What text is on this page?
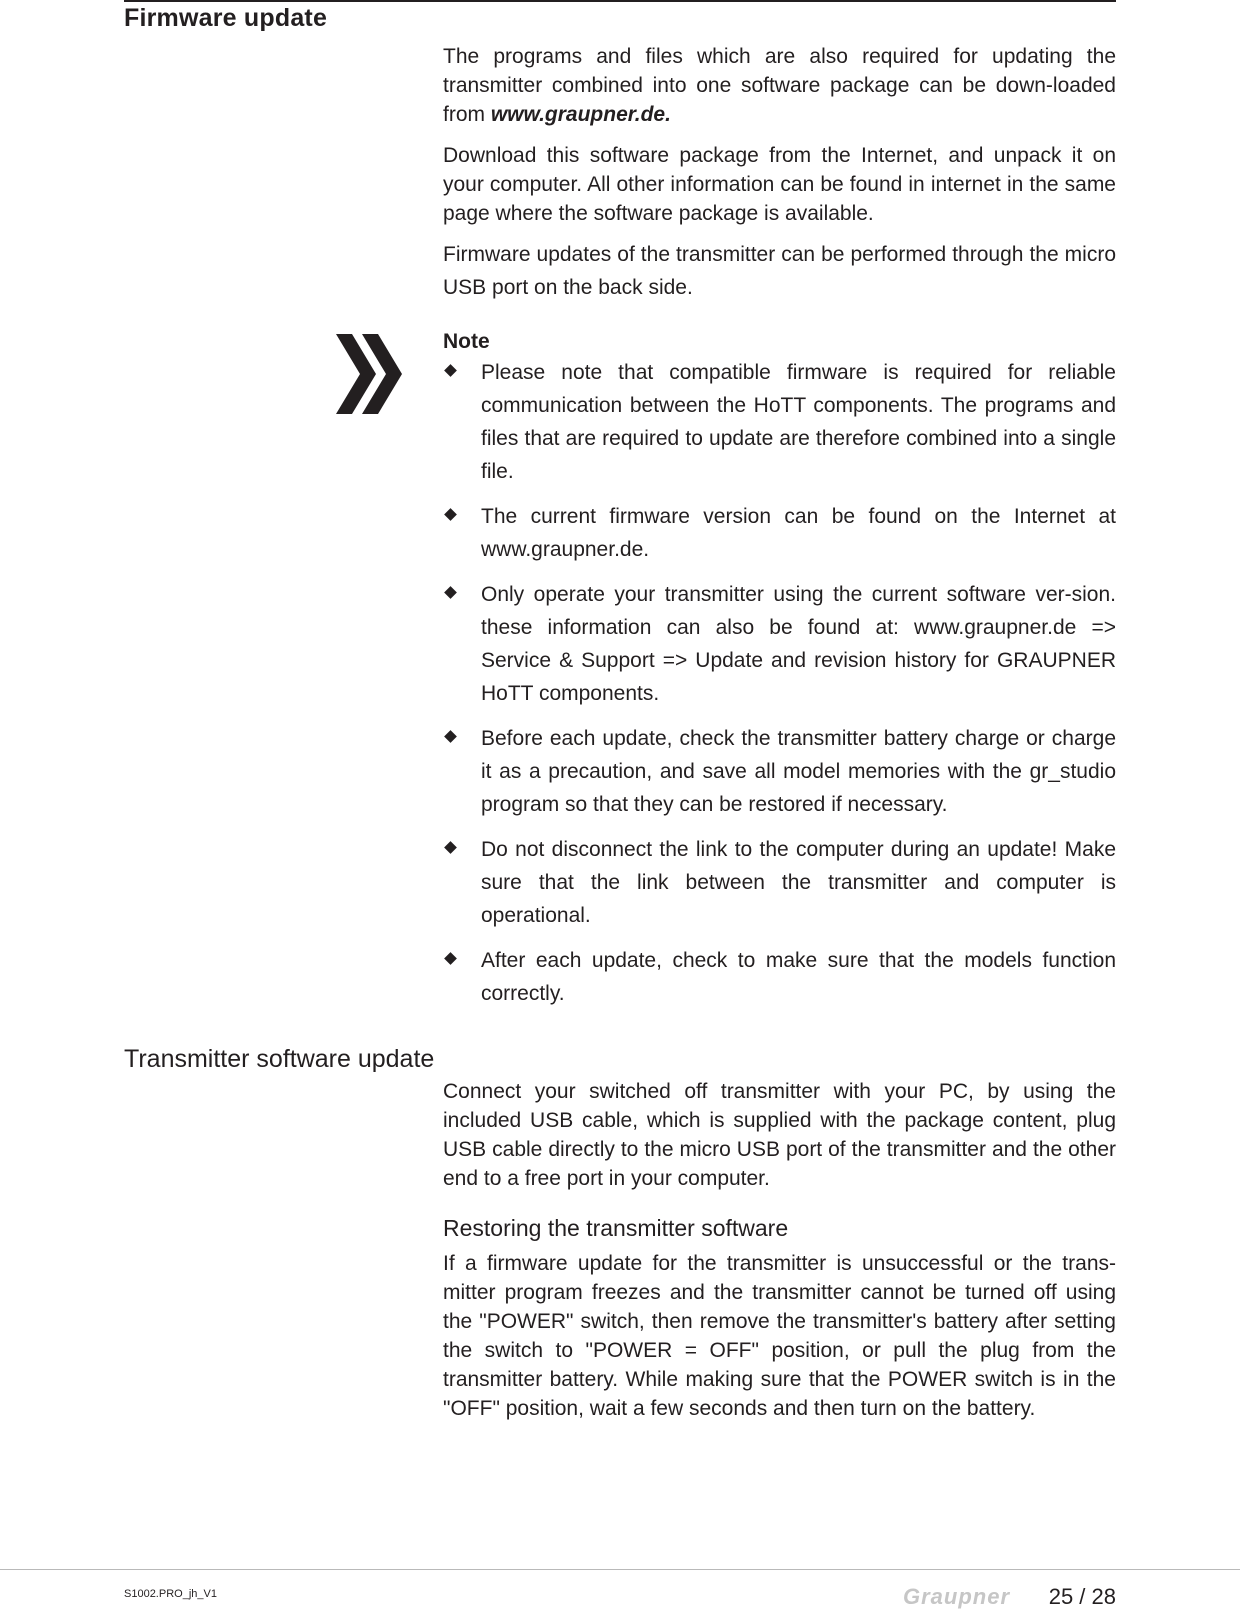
Firmware update

The programs and files which are also required for updating the transmitter combined into one software package can be down-loaded from www.graupner.de.

Download this software package from the Internet, and unpack it on your computer. All other information can be found in internet in the same page where the software package is available.

Firmware updates of the transmitter can be performed through the micro USB port on the back side.

Note

Please note that compatible firmware is required for reliable communication between the HoTT components. The programs and files that are required to update are therefore combined into a single file.
The current firmware version can be found on the Internet at www.graupner.de.
Only operate your transmitter using the current software ver-sion. these information can also be found at: www.graupner.de => Service & Support => Update and revision history for GRAUPNER HoTT components.
Before each update, check the transmitter battery charge or charge it as a precaution, and save all model memories with the gr_studio program so that they can be restored if necessary.
Do not disconnect the link to the computer during an update! Make sure that the link between the transmitter and computer is operational.
After each update, check to make sure that the models function correctly.
Transmitter software update

Connect your switched off transmitter with your PC, by using the included USB cable, which is supplied with the package content, plug USB cable directly to the micro USB port of the transmitter and the other end to a free port in your computer.

Restoring the transmitter software

If a firmware update for the transmitter is unsuccessful or the trans-mitter program freezes and the transmitter cannot be turned off using the "POWER" switch, then remove the transmitter's battery after setting the switch to "POWER = OFF" position, or pull the plug from the transmitter battery. While making sure that the POWER switch is in the "OFF" position, wait a few seconds and then turn on the battery.

S1002.PRO_jh_V1	Graupner 25 / 28
